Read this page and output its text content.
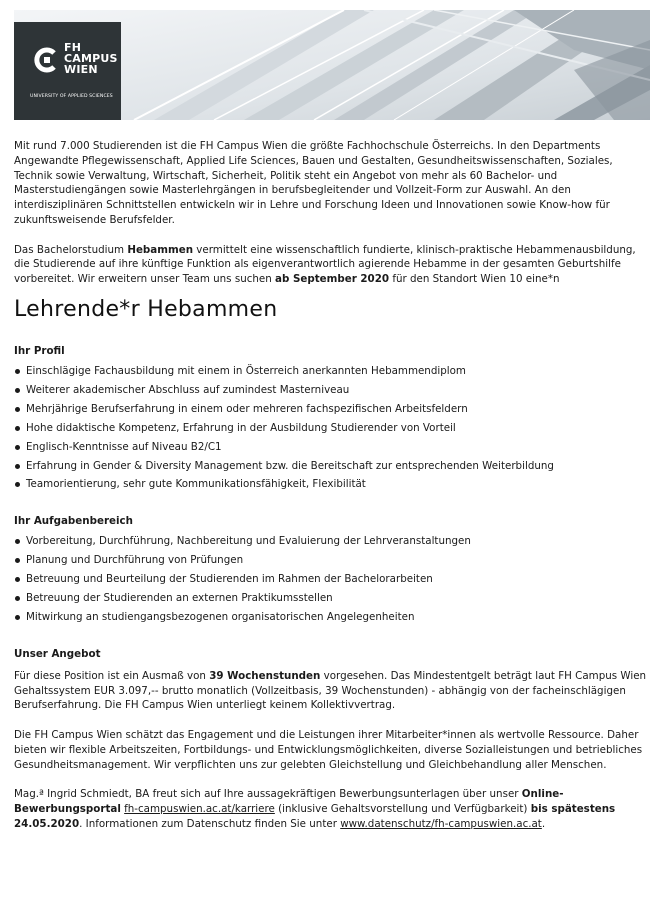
FH
CAMPUS
WIEN
UNIVERSITY OF APPLIED SCIENCES

Mit rund 7.000 Studierenden ist die FH Campus Wien die größte Fachhochschule Österreichs. In den Departments Angewandte Pflegewissenschaft, Applied Life Sciences, Bauen und Gestalten, Gesundheitswissenschaften, Soziales, Technik sowie Verwaltung, Wirtschaft, Sicherheit, Politik steht ein Angebot von mehr als 60 Bachelor- und Masterstudiengängen sowie Masterlehrgängen in berufsbegleitender und Vollzeit-Form zur Auswahl. An den interdisziplinären Schnittstellen entwickeln wir in Lehre und Forschung Ideen und Innovationen sowie Know-how für zukunftsweisende Berufsfelder.

Das Bachelorstudium Hebammen vermittelt eine wissenschaftlich fundierte, klinisch-praktische Hebammenausbildung, die Studierende auf ihre künftige Funktion als eigenverantwortlich agierende Hebamme in der gesamten Geburtshilfe vorbereitet. Wir erweitern unser Team uns suchen ab September 2020 für den Standort Wien 10 eine*n

Lehrende*r Hebammen
Ihr Profil
Einschlägige Fachausbildung mit einem in Österreich anerkannten Hebammendiplom
Weiterer akademischer Abschluss auf zumindest Masterniveau
Mehrjährige Berufserfahrung in einem oder mehreren fachspezifischen Arbeitsfeldern
Hohe didaktische Kompetenz, Erfahrung in der Ausbildung Studierender von Vorteil
Englisch-Kenntnisse auf Niveau B2/C1
Erfahrung in Gender & Diversity Management bzw. die Bereitschaft zur entsprechenden Weiterbildung
Teamorientierung, sehr gute Kommunikationsfähigkeit, Flexibilität
Ihr Aufgabenbereich
Vorbereitung, Durchführung, Nachbereitung und Evaluierung der Lehrveranstaltungen
Planung und Durchführung von Prüfungen
Betreuung und Beurteilung der Studierenden im Rahmen der Bachelorarbeiten
Betreuung der Studierenden an externen Praktikumsstellen
Mitwirkung an studiengangsbezogenen organisatorischen Angelegenheiten
Unser Angebot

Für diese Position ist ein Ausmaß von 39 Wochenstunden vorgesehen. Das Mindestentgelt beträgt laut FH Campus Wien Gehaltssystem EUR 3.097,-- brutto monatlich (Vollzeitbasis, 39 Wochenstunden) - abhängig von der facheinschlägigen Berufserfahrung. Die FH Campus Wien unterliegt keinem Kollektivvertrag.

Die FH Campus Wien schätzt das Engagement und die Leistungen ihrer Mitarbeiter*innen als wertvolle Ressource. Daher bieten wir flexible Arbeitszeiten, Fortbildungs- und Entwicklungsmöglichkeiten, diverse Sozialleistungen und betriebliches Gesundheitsmanagement. Wir verpflichten uns zur gelebten Gleichstellung und Gleichbehandlung aller Menschen.

Mag.ª Ingrid Schmiedt, BA freut sich auf Ihre aussagekräftigen Bewerbungsunterlagen über unser Online-Bewerbungsportal fh-campuswien.ac.at/karriere (inklusive Gehaltsvorstellung und Verfügbarkeit) bis spätestens 24.05.2020. Informationen zum Datenschutz finden Sie unter www.datenschutz/fh-campuswien.ac.at.
